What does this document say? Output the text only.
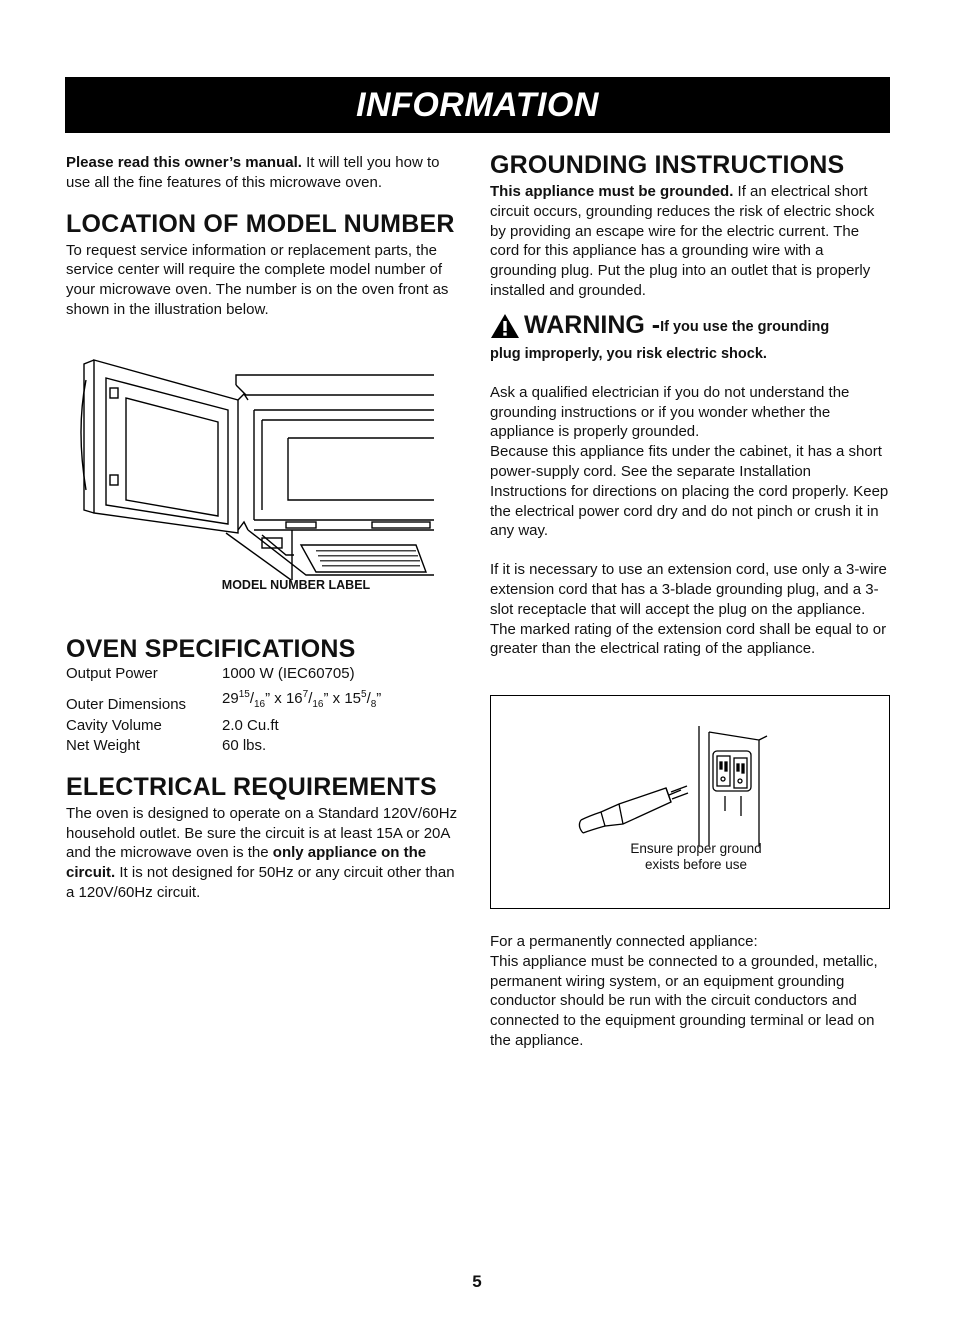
INFORMATION

Please read this owner’s manual. It will tell you how to use all the fine features of this microwave oven.

LOCATION OF MODEL NUMBER

To request service information or replacement parts, the service center will require the complete model number of your microwave oven. The number is on the oven front as shown in the illustration below.

MODEL NUMBER LABEL
OVEN SPECIFICATIONS
Output Power	1000 W (IEC60705)
Outer Dimensions	$29^{15}/_{16}$” x $16^7/_{16}$” x $15^5/_8$”
Cavity Volume	2.0 Cu.ft
Net Weight	60 lbs.
ELECTRICAL REQUIREMENTS

The oven is designed to operate on a Standard 120V/60Hz household outlet. Be sure the circuit is at least 15A or 20A and the microwave oven is the only appliance on the circuit. It is not designed for 50Hz or any circuit other than a 120V/60Hz circuit.

GROUNDING INSTRUCTIONS

This appliance must be grounded. If an electrical short circuit occurs, grounding reduces the risk of electric shock by providing an escape wire for the electric current. The cord for this appliance has a grounding wire with a grounding plug. Put the plug into an outlet that is properly installed and grounded.

WARNING - If you use the grounding

plug improperly, you risk electric shock.

Ask a qualified electrician if you do not understand the grounding instructions or if you wonder whether the appliance is properly grounded.

Because this appliance fits under the cabinet, it has a short power-supply cord. See the separate Installation Instructions for directions on placing the cord properly. Keep the electrical power cord dry and do not pinch or crush it in any way.

If it is necessary to use an extension cord, use only a 3-wire extension cord that has a 3-blade grounding plug, and a 3-slot receptacle that will accept the plug on the appliance. The marked rating of the extension cord shall be equal to or greater than the electrical rating of the appliance.

Ensure proper ground
exists before use

For a permanently connected appliance:

This appliance must be connected to a grounded, metallic, permanent wiring system, or an equipment grounding conductor should be run with the circuit conductors and connected to the equipment grounding terminal or lead on the appliance.

5
